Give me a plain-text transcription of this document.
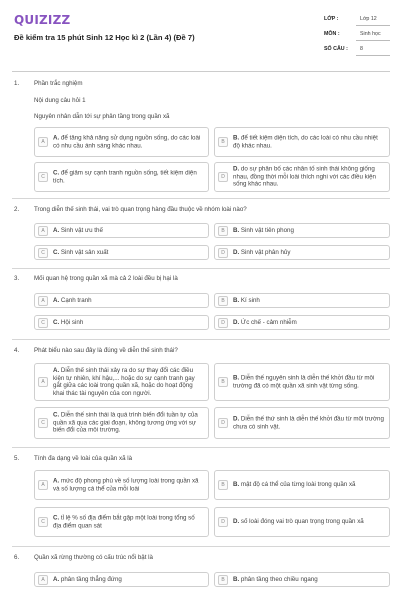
QUIZIZZ
Đề kiểm tra 15 phút Sinh 12 Học kì 2 (Lần 4) (Đề 7)
LỚP :	Lớp 12
MÔN :	Sinh học
SỐ CÂU : 8
1. Phần trắc nghiệm
Nội dung câu hỏi 1
Nguyên nhân dẫn tới sự phân tầng trong quần xã
A
A. để tăng khả năng sử dụng nguồn sống, do các loài có nhu cầu ánh sáng khác nhau.	B
B. để tiết kiệm diện tích, do các loài có nhu cầu nhiệt độ khác nhau.
C
C. để giảm sự cạnh tranh nguồn sống, tiết kiệm diện tích.	D
D. do sự phân bố các nhân tố sinh thái không giống nhau, đồng thời mỗi loài thích nghi với các điều kiện sống khác nhau.
2. Trong diễn thế sinh thái, vai trò quan trọng hàng đầu thuộc về nhóm loài nào?
A	A. Sinh vật ưu thế	B	B. Sinh vật tiên phong
C	C. Sinh vật sản xuất	D	D. Sinh vật phân hủy
3. Mối quan hệ trong quần xã mà cả 2 loài đều bị hại là
A	A. Cạnh tranh	B	B. Kí sinh
C	C. Hội sinh	D	D. Ức chế - cảm nhiễm
4. Phát biểu nào sau đây là đúng về diễn thế sinh thái?
A
A. Diễn thế sinh thái xảy ra do sự thay đổi các điều kiện tự nhiên, khí hậu,... hoặc do sự cạnh tranh gay gắt giữa các loài trong quần xã, hoặc do hoạt động khai thác tài nguyên của con người.
B
B. Diễn thế nguyên sinh là diễn thế khởi đầu từ môi trường đã có một quần xã sinh vật từng sống.
C
C. Diễn thế sinh thái là quá trình biến đổi tuần tự của quần xã qua các giai đoạn, không tương ứng với sự biến đổi của môi trường.
D
D. Diễn thế thứ sinh là diễn thế khởi đầu từ môi trường chưa có sinh vật.
5. Tính đa dạng về loài của quần xã là
A
A. mức độ phong phú về số lượng loài trong quần xã và số lượng cá thể của mỗi loài	B	B. mật độ cá thể của từng loài trong quần xã
C
C. tỉ lệ % số địa điểm bắt gặp một loài trong tổng số địa điểm quan sát	D	D. số loài đóng vai trò quan trọng trong quần xã
6. Quần xã rừng thường có cấu trúc nổi bật là
A	A. phân tầng thẳng đứng	B	B. phân tầng theo chiều ngang
